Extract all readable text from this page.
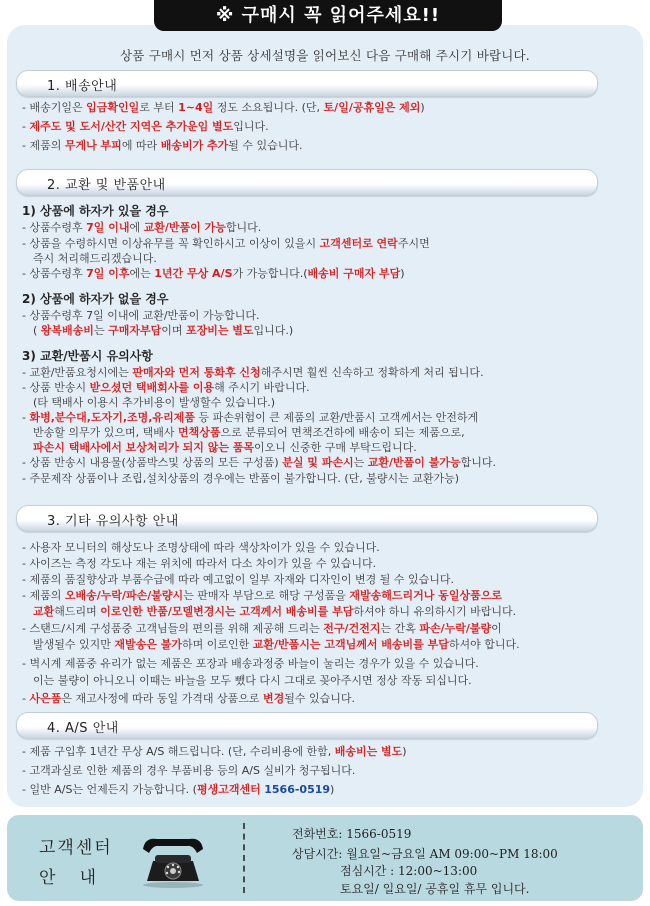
※ 구매시 꼭 읽어주세요!!
상품 구매시 먼저 상품 상세설명을 읽어보신 다음 구매해 주시기 바랍니다.
1. 배송안내
- 배송기일은 입금확인일로 부터 1~4일 정도 소요됩니다. (단, 토/일/공휴일은 제외)
- 제주도 및 도서/산간 지역은 추가운임 별도입니다.
- 제품의 무게나 부피에 따라 배송비가 추가될 수 있습니다.
2. 교환 및 반품안내
1) 상품에 하자가 있을 경우
- 상품수령후 7일 이내에 교환/반품이 가능합니다.
- 상품을 수령하시면 이상유무를 꼭 확인하시고 이상이 있을시 고객센터로 연락주시면
즉시 처리해드리겠습니다.
- 상품수령후 7일 이후에는 1년간 무상 A/S가 가능합니다.(배송비 구매자 부담)
2) 상품에 하자가 없을 경우
- 상품수령후 7일 이내에 교환/반품이 가능합니다.
( 왕복배송비는 구매자부담이며 포장비는 별도입니다.)
3) 교환/반품시 유의사항
- 교환/반품요청시에는 판매자와 먼저 통화후 신청해주시면 훨씬 신속하고 정확하게 처리 됩니다.
- 상품 반송시 받으셨던 택배회사를 이용해 주시기 바랍니다.
(타 택배사 이용시 추가비용이 발생할수 있습니다.)
- 화병,분수대,도자기,조명,유리제품 등 파손위험이 큰 제품의 교환/반품시 고객께서는 안전하게
반송할 의무가 있으며, 택배사 면책상품으로 분류되어 면책조건하에 배송이 되는 제품으로,
파손시 택배사에서 보상처리가 되지 않는 품목이오니 신중한 구매 부탁드립니다.
- 상품 반송시 내용물(상품박스및 상품의 모든 구성품) 분실 및 파손시는 교환/반품이 불가능합니다.
- 주문제작 상품이나 조립,설치상품의 경우에는 반품이 불가합니다. (단, 불량시는 교환가능)
3. 기타 유의사항 안내
- 사용자 모니터의 해상도나 조명상태에 따라 색상차이가 있을 수 있습니다.
- 사이즈는 측정 각도나 재는 위치에 따라서 다소 차이가 있을 수 있습니다.
- 제품의 품질향상과 부품수급에 따라 예고없이 일부 자재와 디자인이 변경 될 수 있습니다.
- 제품의 오배송/누락/파손/불량시는 판매자 부담으로 해당 구성품을 재발송해드리거나 동일상품으로
교환해드리며 이로인한 반품/모델변경시는 고객께서 배송비를 부담하셔야 하니 유의하시기 바랍니다.
- 스탠드/시계 구성품중 고객님들의 편의를 위해 제공해 드리는 전구/건전지는 간혹 파손/누락/불량이
발생될수 있지만 재발송은 불가하며 이로인한 교환/반품시는 고객님께서 배송비를 부담하셔야 합니다.
- 벽시계 제품중 유리가 없는 제품은 포장과 배송과정중 바늘이 눌리는 경우가 있을 수 있습니다.
이는 불량이 아니오니 이때는 바늘을 모두 뺐다 다시 그대로 꽂아주시면 정상 작동 되십니다.
- 사은품은 재고사정에 따라 동일 가격대 상품으로 변경될수 있습니다.
4. A/S 안내
- 제품 구입후 1년간 무상 A/S 해드립니다. (단, 수리비용에 한함, 배송비는 별도)
- 고객과실로 인한 제품의 경우 부품비용 등의 A/S 실비가 청구됩니다.
- 일반 A/S는 언제든지 가능합니다. (평생고객센터 1566-0519)
고객센터
안   내
전화번호: 1566-0519
상담시간: 월요일~금요일 AM 09:00~PM 18:00
점심시간 : 12:00~13:00
토요일/ 일요일/ 공휴일 휴무 입니다.
